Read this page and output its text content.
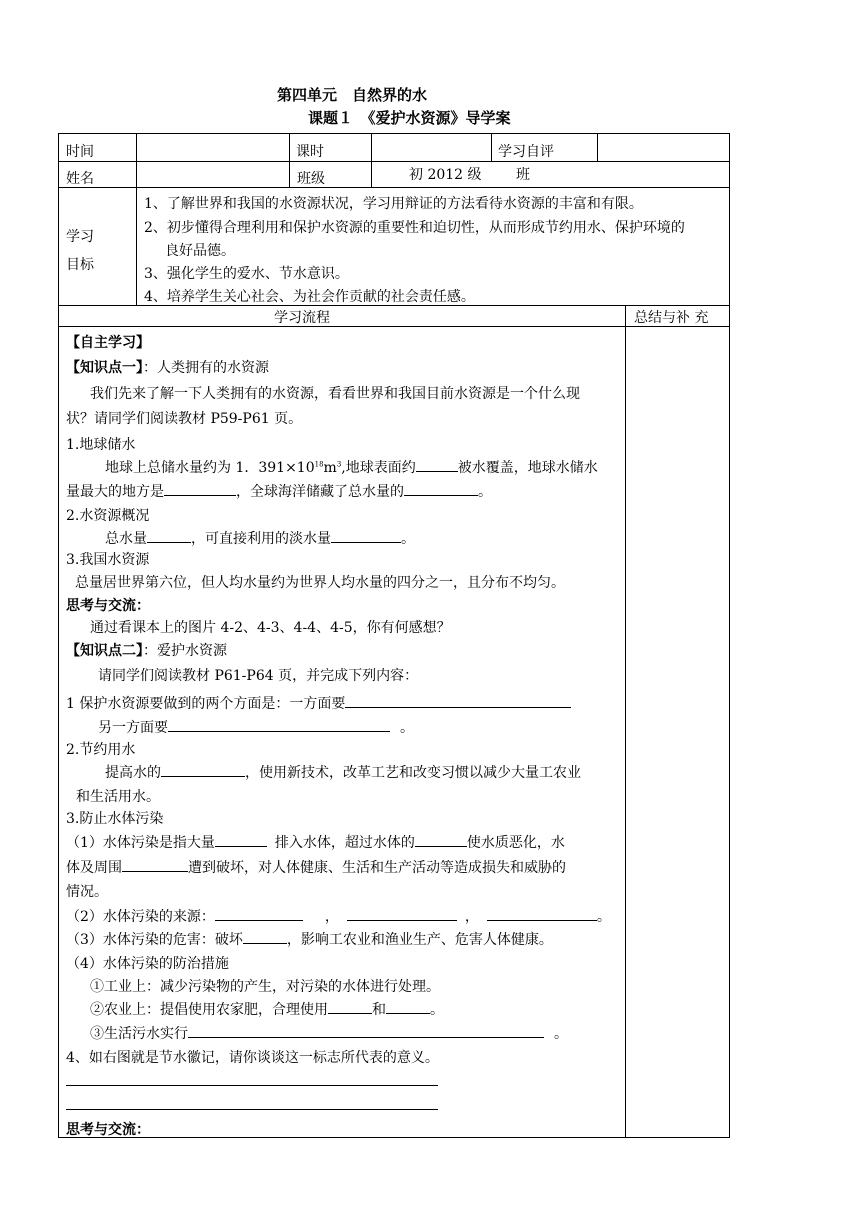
第四单元　自然界的水
课题１　《爱护水资源》导学案
时间	课时	学习自评
姓名	班级	初 2012 级 班
学习
目标
1、了解世界和我国的水资源状况，学习用辩证的方法看待水资源的丰富和有限。
2、初步懂得合理利用和保护水资源的重要性和迫切性，从而形成节约用水、保护环境的
良好品德。
3、强化学生的爱水、节水意识。
4、培养学生关心社会、为社会作贡献的社会责任感。
学习流程	总结与补 充
【自主学习】
【知识点一】：人类拥有的水资源
我们先来了解一下人类拥有的水资源，看看世界和我国目前水资源是一个什么现
状？请同学们阅读教材 P59-P61 页。
1.地球储水
地球上总储水量约为 1．$391\times 10^{18}m^3$,地球表面约	被水覆盖，地球水储水
量最大的地方是	，全球海洋储藏了总水量的	。
2.水资源概况
总水量	，可直接利用的淡水量	。
3.我国水资源
总量居世界第六位，但人均水量约为世界人均水量的四分之一，且分布不均匀。
思考与交流：
通过看课本上的图片 4-2、4-3、4-4、4-5，你有何感想？
【知识点二】：爱护水资源
请同学们阅读教材 P61-P64 页，并完成下列内容：
1 保护水资源要做到的两个方面是：一方面要
另一方面要	。
2.节约用水
提高水的	，使用新技术，改革工艺和改变习惯以减少大量工农业
和生活用水。
3.防止水体污染
（1）水体污染是指大量	排入水体，超过水体的	使水质恶化，水
体及周围	遭到破坏，对人体健康、生活和生产活动等造成损失和威胁的
情况。
（2）水体污染的来源：	，	，	。
（3）水体污染的危害：破坏	，影响工农业和渔业生产、危害人体健康。
（4）水体污染的防治措施
①工业上：减少污染物的产生，对污染的水体进行处理。
②农业上：提倡使用农家肥，合理使用	和	。
③生活污水实行	。
4、如右图就是节水徽记，请你谈谈这一标志所代表的意义。
思考与交流：
